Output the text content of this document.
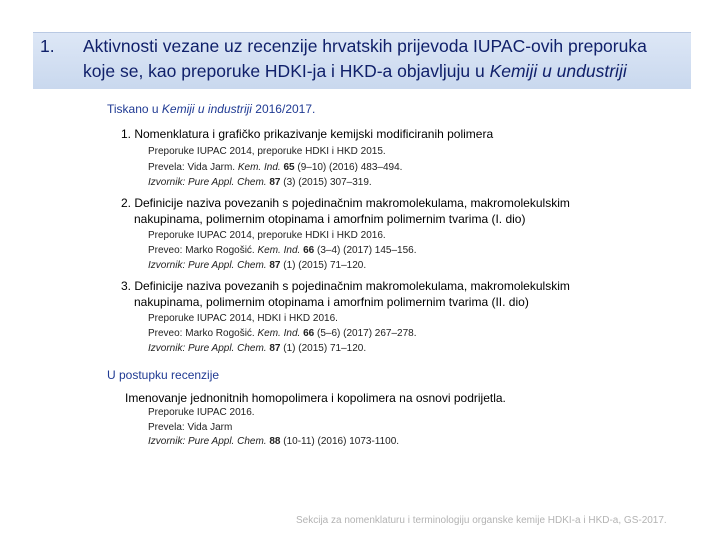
1. Aktivnosti vezane uz recenzije hrvatskih prijevoda IUPAC-ovih preporuka
koje se, kao preporuke HDKI-ja i HKD-a objavljuju u Kemiji u undustriji
Tiskano u Kemiji u industriji 2016/2017.
1. Nomenklatura i grafičko prikazivanje kemijski modificiranih polimera
Preporuke IUPAC 2014, preporuke HDKI i HKD 2015.
Prevela: Vida Jarm. Kem. Ind. 65 (9–10) (2016) 483–494.
Izvornik: Pure Appl. Chem. 87 (3) (2015) 307–319.
2. Definicije naziva povezanih s pojedinačnim makromolekulama, makromolekulskim
nakupinama, polimernim otopinama i amorfnim polimernim tvarima (I. dio)
Preporuke IUPAC 2014, preporuke HDKI i HKD 2016.
Preveo: Marko Rogošić. Kem. Ind. 66 (3–4) (2017) 145–156.
Izvornik: Pure Appl. Chem. 87 (1) (2015) 71–120.
3. Definicije naziva povezanih s pojedinačnim makromolekulama, makromolekulskim
nakupinama, polimernim otopinama i amorfnim polimernim tvarima (II. dio)
Preporuke IUPAC 2014, HDKI i HKD 2016.
Preveo: Marko Rogošić. Kem. Ind. 66 (5–6) (2017) 267–278.
Izvornik: Pure Appl. Chem. 87 (1) (2015) 71–120.
U postupku recenzije
Imenovanje jednonitnih homopolimera i kopolimera na osnovi podrijetla.
Preporuke IUPAC 2016.
Prevela: Vida Jarm
Izvornik: Pure Appl. Chem. 88 (10-11) (2016) 1073-1100.
Sekcija za nomenklaturu i terminologiju organske kemije HDKI-a i HKD-a, GS-2017.
